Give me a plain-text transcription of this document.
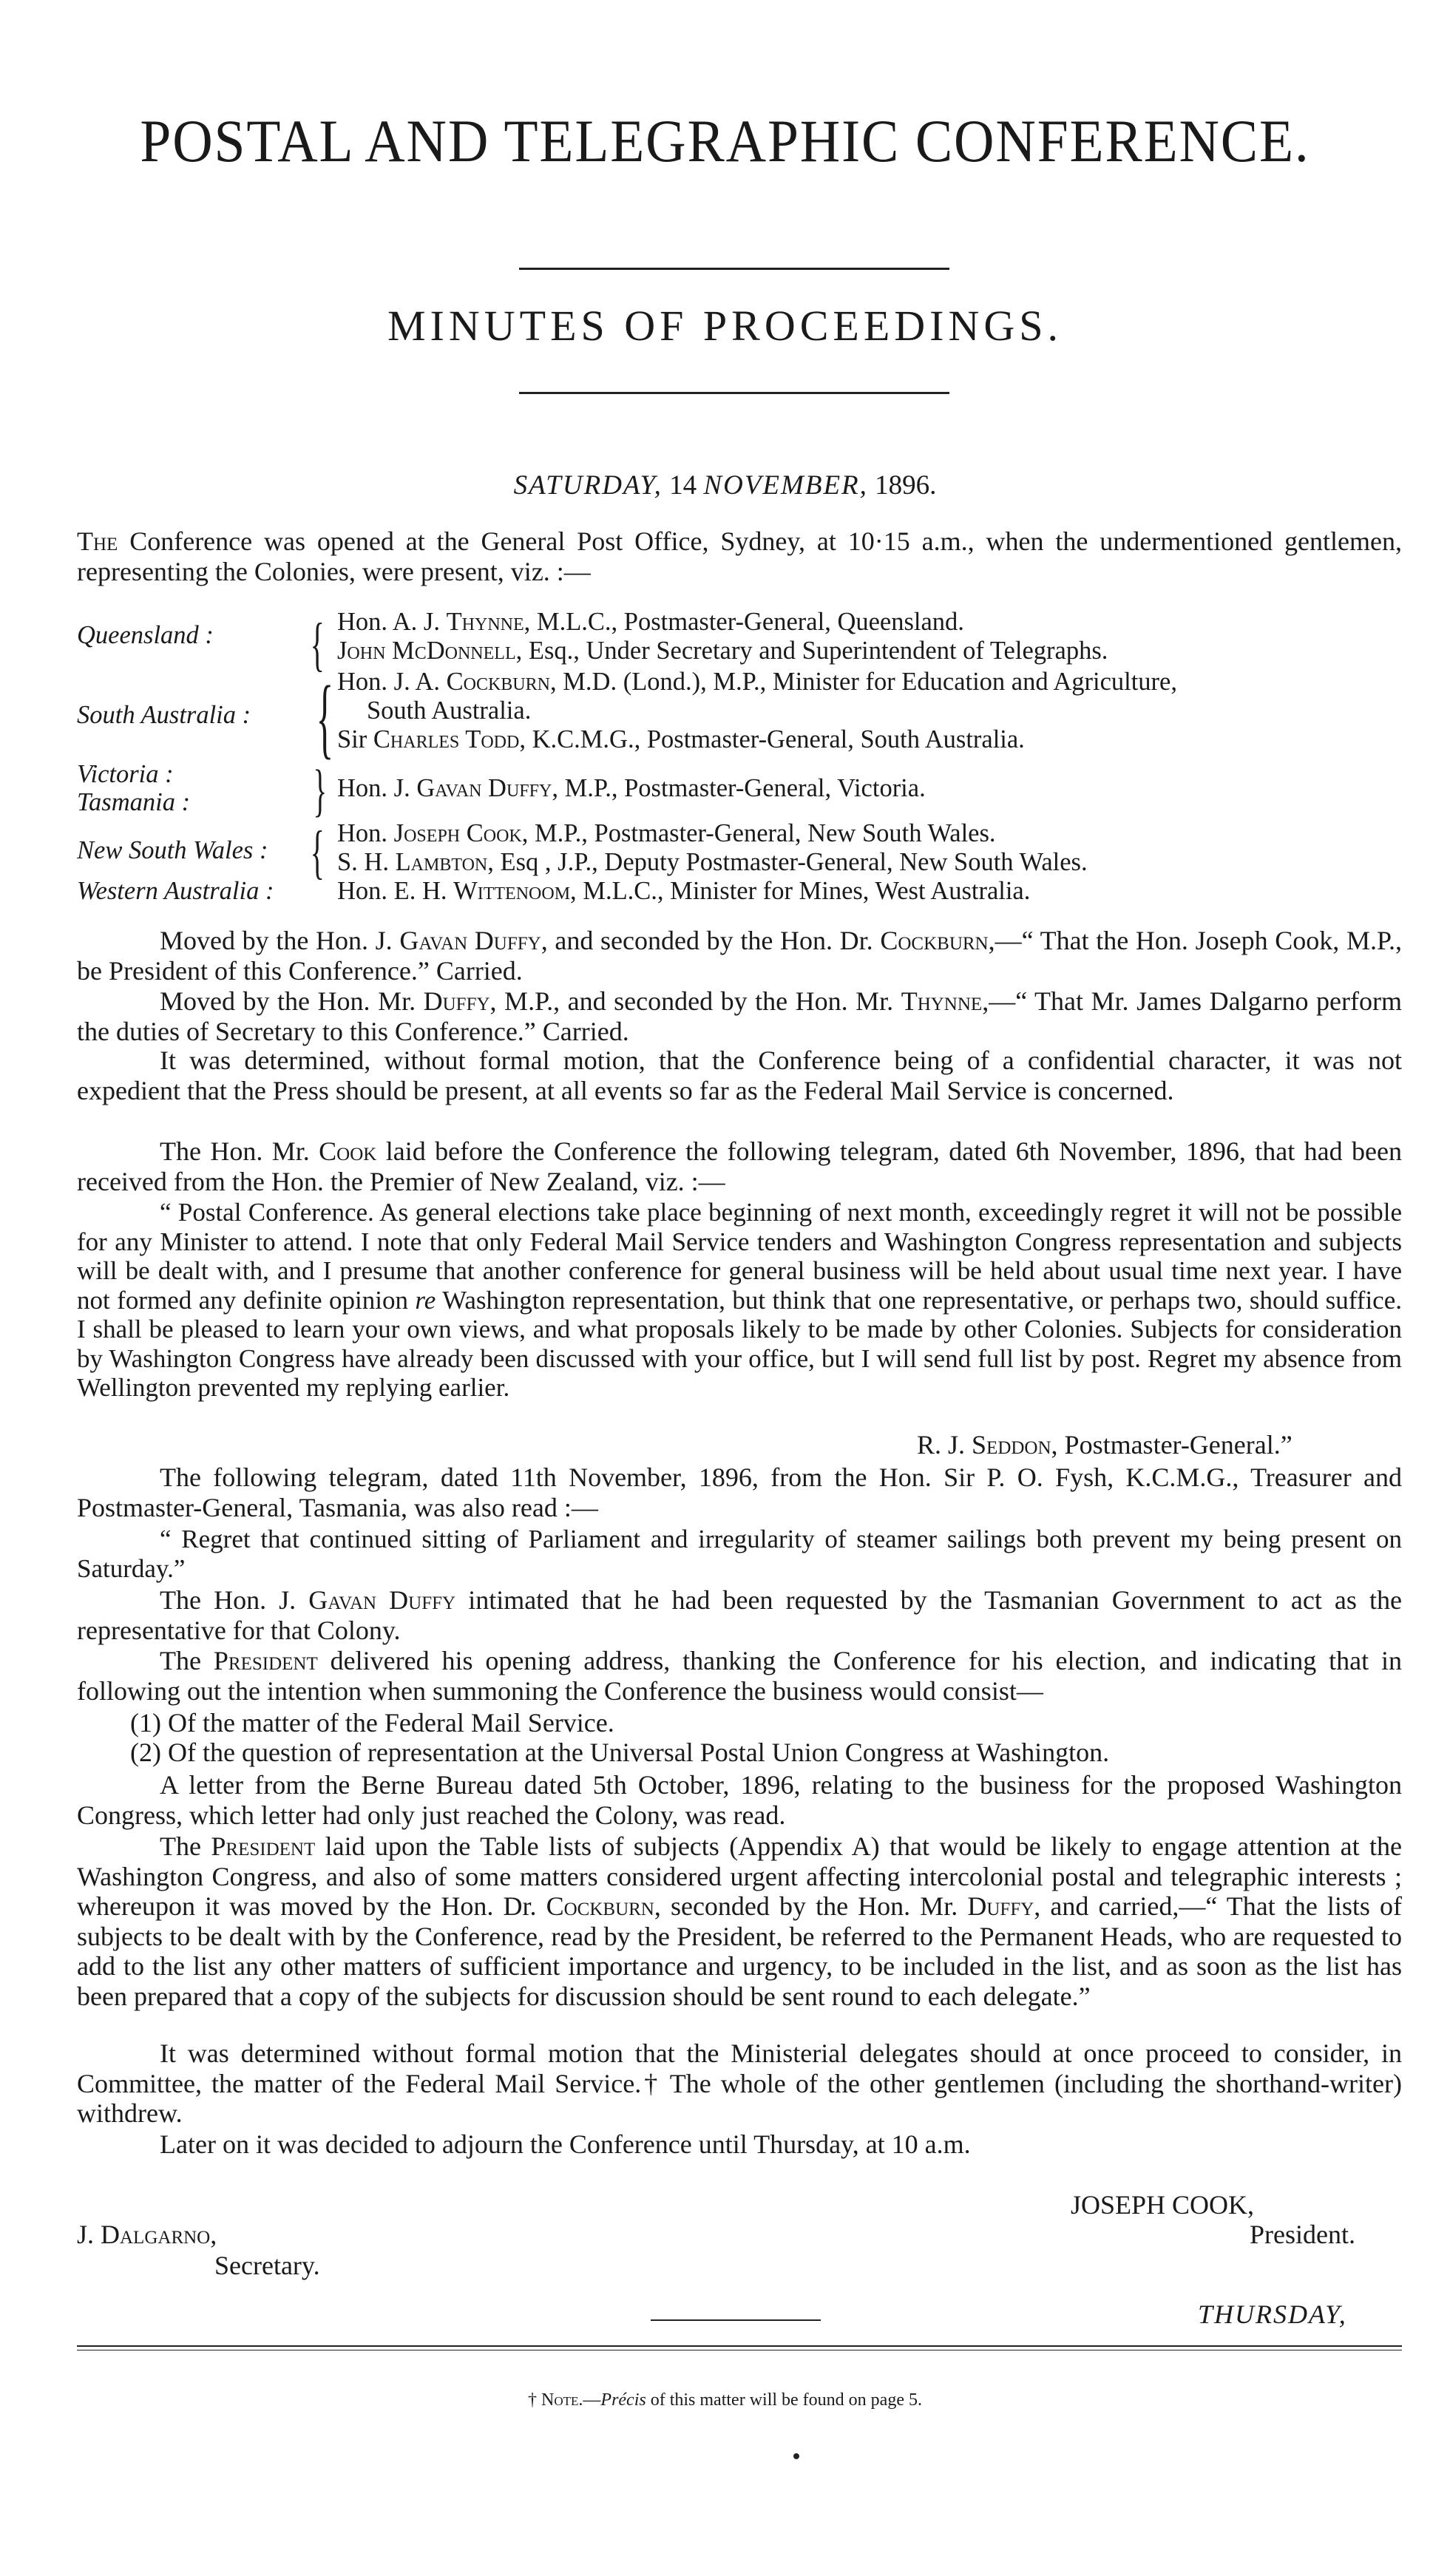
POSTAL AND TELEGRAPHIC CONFERENCE.
MINUTES OF PROCEEDINGS.
SATURDAY, 14 NOVEMBER, 1896.
The Conference was opened at the General Post Office, Sydney, at 10·15 a.m., when the undermentioned gentlemen, representing the Colonies, were present, viz. :—
Queensland : { Hon. A. J. Thynne, M.L.C., Postmaster-General, Queensland.
John McDonnell, Esq., Under Secretary and Superintendent of Telegraphs.
South Australia : { Hon. J. A. Cockburn, M.D. (Lond.), M.P., Minister for Education and Agriculture,
South Australia.
Sir Charles Todd, K.C.M.G., Postmaster-General, South Australia.
Victoria :
Tasmania : } Hon. J. Gavan Duffy, M.P., Postmaster-General, Victoria.
New South Wales : { Hon. Joseph Cook, M.P., Postmaster-General, New South Wales.
S. H. Lambton, Esq , J.P., Deputy Postmaster-General, New South Wales.
Western Australia : Hon. E. H. Wittenoom, M.L.C., Minister for Mines, West Australia.
Moved by the Hon. J. Gavan Duffy, and seconded by the Hon. Dr. Cockburn,—“ That the Hon. Joseph Cook, M.P., be President of this Conference.” Carried.
Moved by the Hon. Mr. Duffy, M.P., and seconded by the Hon. Mr. Thynne,—“ That Mr. James Dalgarno perform the duties of Secretary to this Conference.” Carried.
It was determined, without formal motion, that the Conference being of a confidential character, it was not expedient that the Press should be present, at all events so far as the Federal Mail Service is concerned.
The Hon. Mr. Cook laid before the Conference the following telegram, dated 6th November, 1896, that had been received from the Hon. the Premier of New Zealand, viz. :—
“ Postal Conference. As general elections take place beginning of next month, exceedingly regret it will not be possible for any Minister to attend. I note that only Federal Mail Service tenders and Washington Congress representation and subjects will be dealt with, and I presume that another conference for general business will be held about usual time next year. I have not formed any definite opinion re Washington representation, but think that one representative, or perhaps two, should suffice. I shall be pleased to learn your own views, and what proposals likely to be made by other Colonies. Subjects for consideration by Washington Congress have already been discussed with your office, but I will send full list by post. Regret my absence from Wellington prevented my replying earlier.
R. J. Seddon, Postmaster-General.”
The following telegram, dated 11th November, 1896, from the Hon. Sir P. O. Fysh, K.C.M.G., Treasurer and Postmaster-General, Tasmania, was also read :—
“ Regret that continued sitting of Parliament and irregularity of steamer sailings both prevent my being present on Saturday.”
The Hon. J. Gavan Duffy intimated that he had been requested by the Tasmanian Government to act as the representative for that Colony.
The President delivered his opening address, thanking the Conference for his election, and indicating that in following out the intention when summoning the Conference the business would consist—
(1) Of the matter of the Federal Mail Service.
(2) Of the question of representation at the Universal Postal Union Congress at Washington.
A letter from the Berne Bureau dated 5th October, 1896, relating to the business for the proposed Washington Congress, which letter had only just reached the Colony, was read.
The President laid upon the Table lists of subjects (Appendix A) that would be likely to engage attention at the Washington Congress, and also of some matters considered urgent affecting intercolonial postal and telegraphic interests ; whereupon it was moved by the Hon. Dr. Cockburn, seconded by the Hon. Mr. Duffy, and carried,—“ That the lists of subjects to be dealt with by the Conference, read by the President, be referred to the Permanent Heads, who are requested to add to the list any other matters of sufficient importance and urgency, to be included in the list, and as soon as the list has been prepared that a copy of the subjects for discussion should be sent round to each delegate.”
It was determined without formal motion that the Ministerial delegates should at once proceed to consider, in Committee, the matter of the Federal Mail Service.† The whole of the other gentlemen (including the shorthand-writer) withdrew.
Later on it was decided to adjourn the Conference until Thursday, at 10 a.m.
JOSEPH COOK,
President.
J. Dalgarno,
Secretary.
THURSDAY,
† Note.—Précis of this matter will be found on page 5.
